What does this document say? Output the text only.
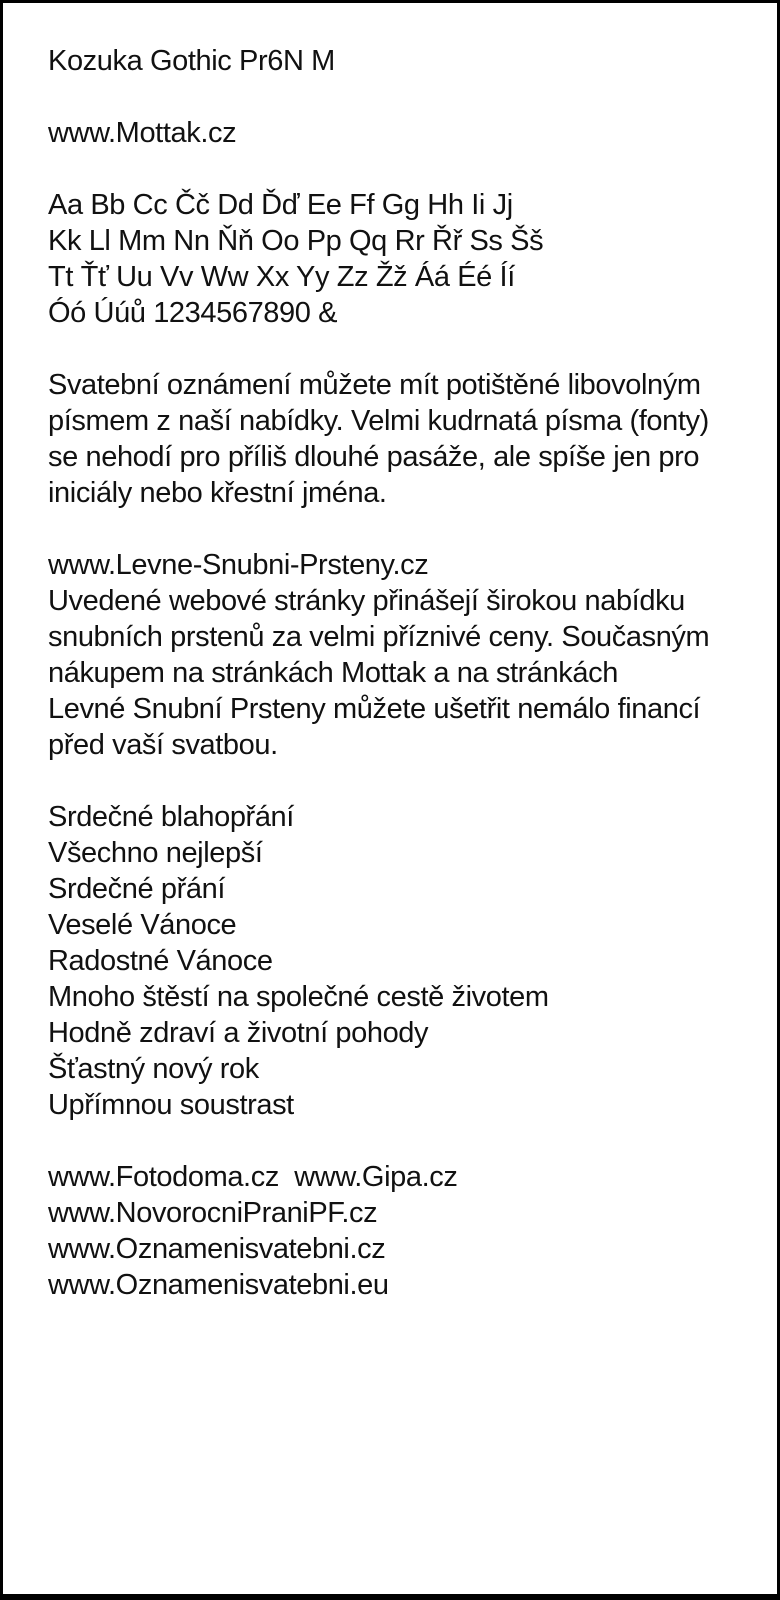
Kozuka Gothic Pr6N M
www.Mottak.cz
Aa Bb Cc Čč Dd Ďď Ee Ff Gg Hh Ii Jj
Kk Ll Mm Nn Ňň Oo Pp Qq Rr Řř Ss Šš
Tt Ťť Uu Vv Ww Xx Yy Zz Žž Áá Éé Íí
Óó Úúů 1234567890 &
Svatební oznámení můžete mít potištěné libovolným
písmem z naší nabídky. Velmi kudrnatá písma (fonty)
se nehodí pro příliš dlouhé pasáže, ale spíše jen pro
iniciály nebo křestní jména.
www.Levne-Snubni-Prsteny.cz
Uvedené webové stránky přinášejí širokou nabídku
snubních prstenů za velmi příznivé ceny. Současným
nákupem na stránkách Mottak a na stránkách
Levné Snubní Prsteny můžete ušetřit nemálo financí
před vaší svatbou.
Srdečné blahopřání
Všechno nejlepší
Srdečné přání
Veselé Vánoce
Radostné Vánoce
Mnoho štěstí na společné cestě životem
Hodně zdraví a životní pohody
Šťastný nový rok
Upřímnou soustrast
www.Fotodoma.cz  www.Gipa.cz
www.NovorocniPraniPF.cz
www.Oznamenisvatebni.cz
www.Oznamenisvatebni.eu
